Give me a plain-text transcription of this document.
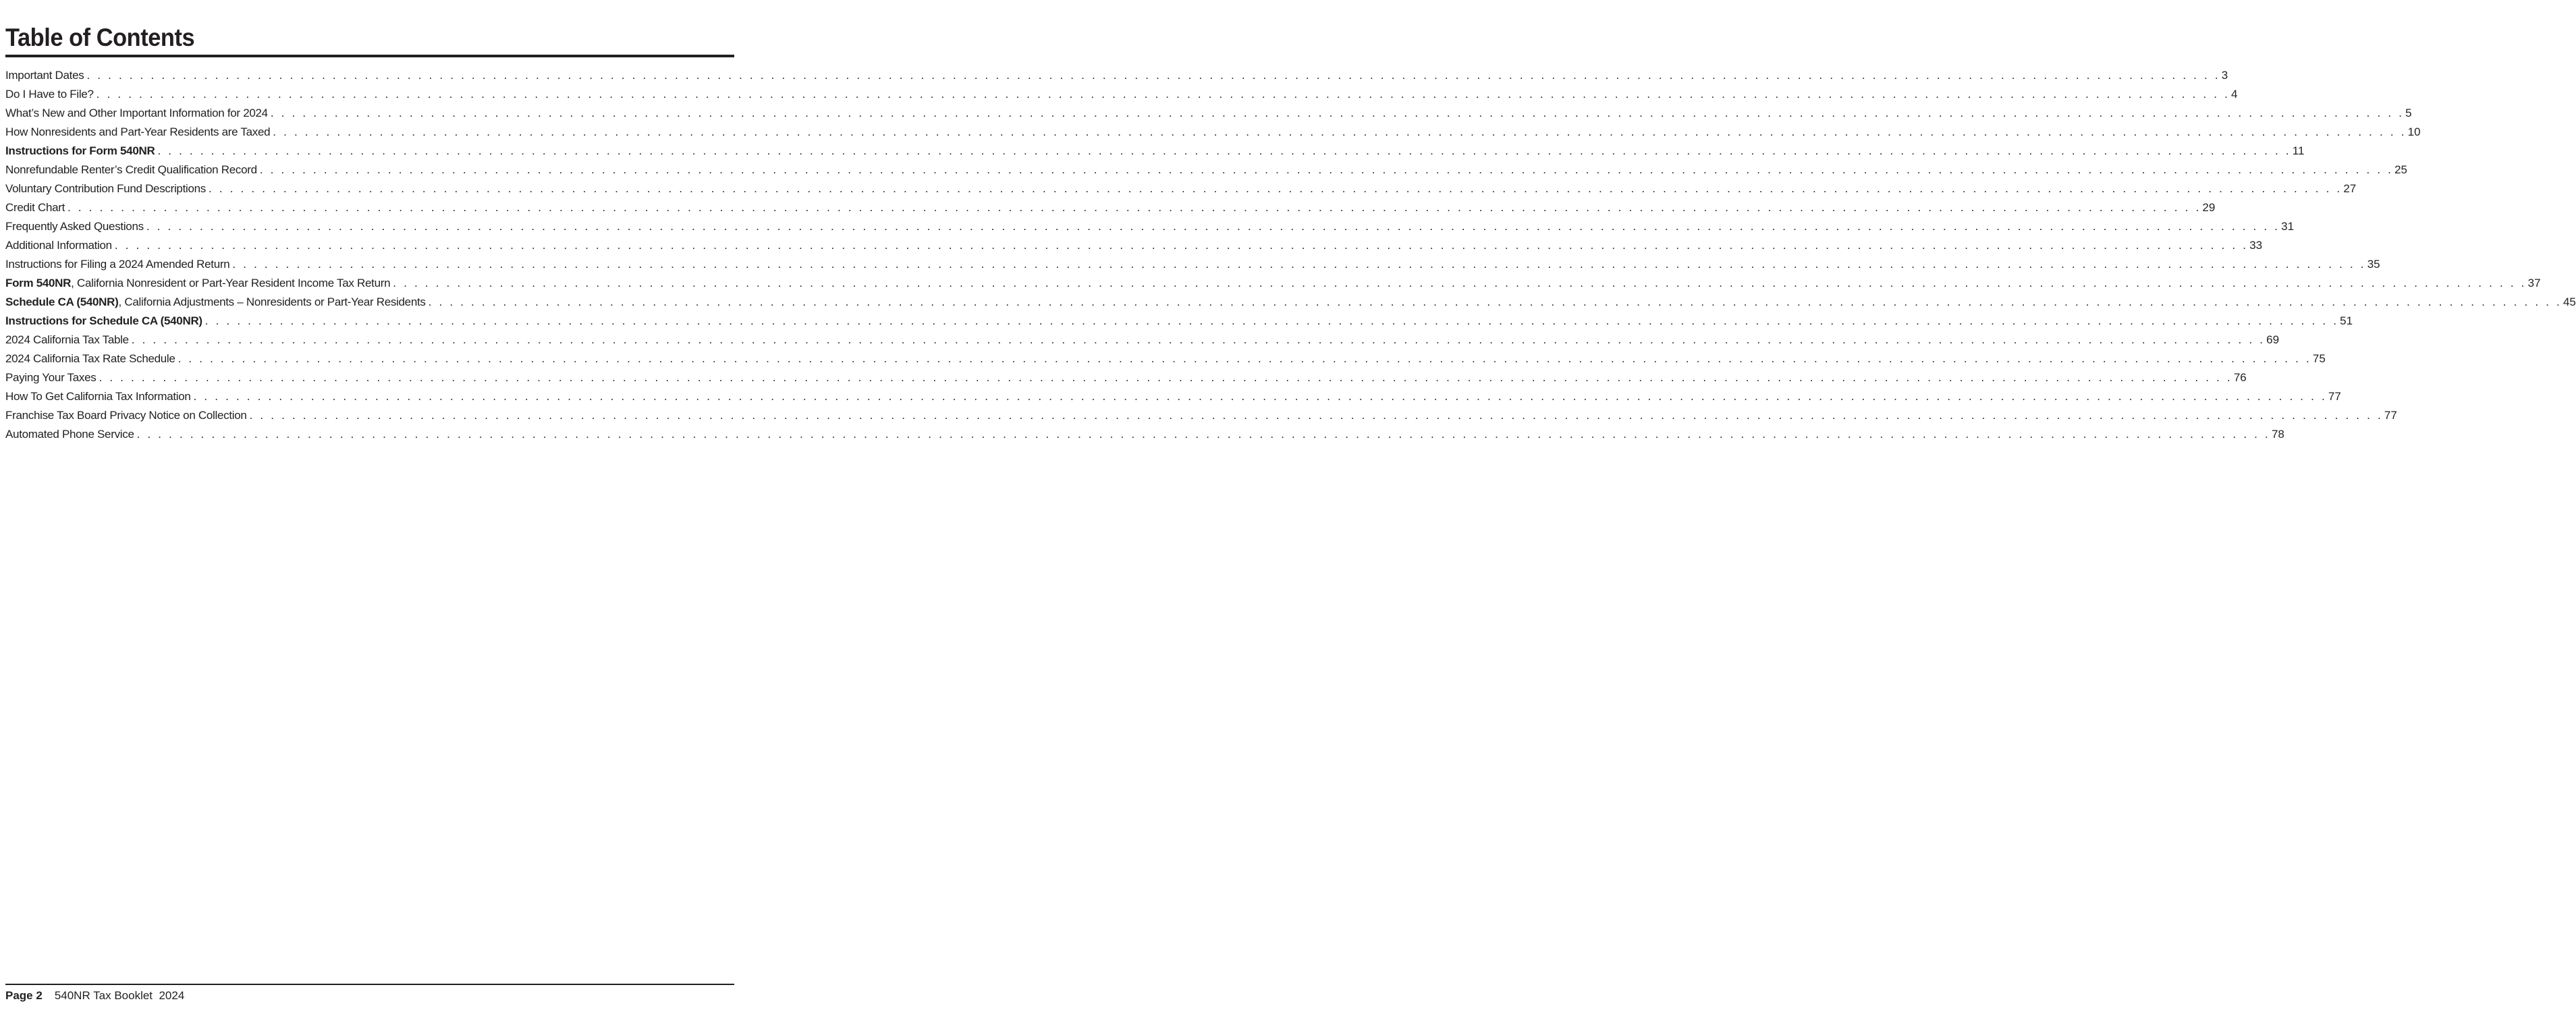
Table of Contents
Important Dates . . . . . . . . . . . . . . . . . . . . . . . . . . . . . . . . . . . . . . . . . . . . . . . . . . . . . . . . . . . . . . . . . . . . . . . . . . . . . . . . . . . . . . . . . . . . . . . . . . . . . . . . . . . . . . . . . . . . . . . . . . . . . . . . . . . . . . . . . . . . . . . . . . . . . . . . . . . . . . . . . . . . . . . . . . . . . . . . . . . . . . . . . . . . . . . . . . . . . . . . 3
Do I Have to File? . . . . . . . . . . . . . . . . . . . . . . . . . . . . . . . . . . . . . . . . . . . . . . . . . . . . . . . . . . . . . . . . . . . . . . . . . . . . . . . . . . . . . . . . . . . . . . . . . . . . . . . . . . . . . . . . . . . . . . . . . . . . . . . . . . . . . . . . . . . . . . . . . . . . . . . . . . . . . . . . . . . . . . . . . . . . . . . . . . . . . . . . . . . . . . . . . . . . . . . . 4
What’s New and Other Important Information for 2024 . . . . . . . . . . . . . . . . . . . . . . . . . . . . . . . . . . . . . . . . . . . . . . . . . . . . . . . . . . . . . . . . . . . . . . . . . . . . . . . . . . . . . . . . . . . . . . . . . . . . . . . . . . . . . . . . . . . . . . . . . . . . . . . . . . . . . . . . . . . . . . . . . . . . . . . . . . . . . . . . . . . . . . . . . . . . . . . . . . . . . . . . . . . . . . . . . . . . . . . . 5
How Nonresidents and Part-Year Residents are Taxed . . . . . . . . . . . . . . . . . . . . . . . . . . . . . . . . . . . . . . . . . . . . . . . . . . . . . . . . . . . . . . . . . . . . . . . . . . . . . . . . . . . . . . . . . . . . . . . . . . . . . . . . . . . . . . . . . . . . . . . . . . . . . . . . . . . . . . . . . . . . . . . . . . . . . . . . . . . . . . . . . . . . . . . . . . . . . . . . . . . . . . . . . . . . . . . . . . . . . . . . 10
Instructions for Form 540NR . . . . . . . . . . . . . . . . . . . . . . . . . . . . . . . . . . . . . . . . . . . . . . . . . . . . . . . . . . . . . . . . . . . . . . . . . . . . . . . . . . . . . . . . . . . . . . . . . . . . . . . . . . . . . . . . . . . . . . . . . . . . . . . . . . . . . . . . . . . . . . . . . . . . . . . . . . . . . . . . . . . . . . . . . . . . . . . . . . . . . . . . . . . . . . . . . . . . . . . . 11
Nonrefundable Renter’s Credit Qualification Record . . . . . . . . . . . . . . . . . . . . . . . . . . . . . . . . . . . . . . . . . . . . . . . . . . . . . . . . . . . . . . . . . . . . . . . . . . . . . . . . . . . . . . . . . . . . . . . . . . . . . . . . . . . . . . . . . . . . . . . . . . . . . . . . . . . . . . . . . . . . . . . . . . . . . . . . . . . . . . . . . . . . . . . . . . . . . . . . . . . . . . . . . . . . . . . . . . . . . . . . 25
Voluntary Contribution Fund Descriptions . . . . . . . . . . . . . . . . . . . . . . . . . . . . . . . . . . . . . . . . . . . . . . . . . . . . . . . . . . . . . . . . . . . . . . . . . . . . . . . . . . . . . . . . . . . . . . . . . . . . . . . . . . . . . . . . . . . . . . . . . . . . . . . . . . . . . . . . . . . . . . . . . . . . . . . . . . . . . . . . . . . . . . . . . . . . . . . . . . . . . . . . . . . . . . . . . . . . . . . . 27
Credit Chart . . . . . . . . . . . . . . . . . . . . . . . . . . . . . . . . . . . . . . . . . . . . . . . . . . . . . . . . . . . . . . . . . . . . . . . . . . . . . . . . . . . . . . . . . . . . . . . . . . . . . . . . . . . . . . . . . . . . . . . . . . . . . . . . . . . . . . . . . . . . . . . . . . . . . . . . . . . . . . . . . . . . . . . . . . . . . . . . . . . . . . . . . . . . . . . . . . . . . . . . 29
Frequently Asked Questions . . . . . . . . . . . . . . . . . . . . . . . . . . . . . . . . . . . . . . . . . . . . . . . . . . . . . . . . . . . . . . . . . . . . . . . . . . . . . . . . . . . . . . . . . . . . . . . . . . . . . . . . . . . . . . . . . . . . . . . . . . . . . . . . . . . . . . . . . . . . . . . . . . . . . . . . . . . . . . . . . . . . . . . . . . . . . . . . . . . . . . . . . . . . . . . . . . . . . . . . 31
Additional Information . . . . . . . . . . . . . . . . . . . . . . . . . . . . . . . . . . . . . . . . . . . . . . . . . . . . . . . . . . . . . . . . . . . . . . . . . . . . . . . . . . . . . . . . . . . . . . . . . . . . . . . . . . . . . . . . . . . . . . . . . . . . . . . . . . . . . . . . . . . . . . . . . . . . . . . . . . . . . . . . . . . . . . . . . . . . . . . . . . . . . . . . . . . . . . . . . . . . . . . . 33
Instructions for Filing a 2024 Amended Return . . . . . . . . . . . . . . . . . . . . . . . . . . . . . . . . . . . . . . . . . . . . . . . . . . . . . . . . . . . . . . . . . . . . . . . . . . . . . . . . . . . . . . . . . . . . . . . . . . . . . . . . . . . . . . . . . . . . . . . . . . . . . . . . . . . . . . . . . . . . . . . . . . . . . . . . . . . . . . . . . . . . . . . . . . . . . . . . . . . . . . . . . . . . . . . . . . . . . . . . 35
Form 540NR, California Nonresident or Part-Year Resident Income Tax Return . . . . . . . . . . . . . . . . . . . . . . . . . . . . . . . . . . . . . . . . . . . . . . . . . . . . . . . . . . . . . . . . . . . . . . . . . . . . . . . . . . . . . . . . . . . . . . . . . . . . . . . . . . . . . . . . . . . . . . . . . . . . . . . . . . . . . . . . . . . . . . . . . . . . . . . . . . . . . . . . . . . . . . . . . . . . . . . . . . . . . . . . . . . . . . . . . . . . . . . . 37
Schedule CA (540NR), California Adjustments – Nonresidents or Part-Year Residents . . . . . . . . . . . . . . . . . . . . . . . . . . . . . . . . . . . . . . . . . . . . . . . . . . . . . . . . . . . . . . . . . . . . . . . . . . . . . . . . . . . . . . . . . . . . . . . . . . . . . . . . . . . . . . . . . . . . . . . . . . . . . . . . . . . . . . . . . . . . . . . . . . . . . . . . . . . . . . . . . . . . . . . . . . . . . . . . . . . . . . . . . . . . . . . . . . . . . . . . 45
Instructions for Schedule CA (540NR) . . . . . . . . . . . . . . . . . . . . . . . . . . . . . . . . . . . . . . . . . . . . . . . . . . . . . . . . . . . . . . . . . . . . . . . . . . . . . . . . . . . . . . . . . . . . . . . . . . . . . . . . . . . . . . . . . . . . . . . . . . . . . . . . . . . . . . . . . . . . . . . . . . . . . . . . . . . . . . . . . . . . . . . . . . . . . . . . . . . . . . . . . . . . . . . . . . . . . . . . 51
2024 California Tax Table . . . . . . . . . . . . . . . . . . . . . . . . . . . . . . . . . . . . . . . . . . . . . . . . . . . . . . . . . . . . . . . . . . . . . . . . . . . . . . . . . . . . . . . . . . . . . . . . . . . . . . . . . . . . . . . . . . . . . . . . . . . . . . . . . . . . . . . . . . . . . . . . . . . . . . . . . . . . . . . . . . . . . . . . . . . . . . . . . . . . . . . . . . . . . . . . . . . . . . . . 69
2024 California Tax Rate Schedule . . . . . . . . . . . . . . . . . . . . . . . . . . . . . . . . . . . . . . . . . . . . . . . . . . . . . . . . . . . . . . . . . . . . . . . . . . . . . . . . . . . . . . . . . . . . . . . . . . . . . . . . . . . . . . . . . . . . . . . . . . . . . . . . . . . . . . . . . . . . . . . . . . . . . . . . . . . . . . . . . . . . . . . . . . . . . . . . . . . . . . . . . . . . . . . . . . . . . . . . 75
Paying Your Taxes . . . . . . . . . . . . . . . . . . . . . . . . . . . . . . . . . . . . . . . . . . . . . . . . . . . . . . . . . . . . . . . . . . . . . . . . . . . . . . . . . . . . . . . . . . . . . . . . . . . . . . . . . . . . . . . . . . . . . . . . . . . . . . . . . . . . . . . . . . . . . . . . . . . . . . . . . . . . . . . . . . . . . . . . . . . . . . . . . . . . . . . . . . . . . . . . . . . . . . . . 76
How To Get California Tax Information . . . . . . . . . . . . . . . . . . . . . . . . . . . . . . . . . . . . . . . . . . . . . . . . . . . . . . . . . . . . . . . . . . . . . . . . . . . . . . . . . . . . . . . . . . . . . . . . . . . . . . . . . . . . . . . . . . . . . . . . . . . . . . . . . . . . . . . . . . . . . . . . . . . . . . . . . . . . . . . . . . . . . . . . . . . . . . . . . . . . . . . . . . . . . . . . . . . . . . . . 77
Franchise Tax Board Privacy Notice on Collection . . . . . . . . . . . . . . . . . . . . . . . . . . . . . . . . . . . . . . . . . . . . . . . . . . . . . . . . . . . . . . . . . . . . . . . . . . . . . . . . . . . . . . . . . . . . . . . . . . . . . . . . . . . . . . . . . . . . . . . . . . . . . . . . . . . . . . . . . . . . . . . . . . . . . . . . . . . . . . . . . . . . . . . . . . . . . . . . . . . . . . . . . . . . . . . . . . . . . . . . 77
Automated Phone Service . . . . . . . . . . . . . . . . . . . . . . . . . . . . . . . . . . . . . . . . . . . . . . . . . . . . . . . . . . . . . . . . . . . . . . . . . . . . . . . . . . . . . . . . . . . . . . . . . . . . . . . . . . . . . . . . . . . . . . . . . . . . . . . . . . . . . . . . . . . . . . . . . . . . . . . . . . . . . . . . . . . . . . . . . . . . . . . . . . . . . . . . . . . . . . . . . . . . . . . . 78
Page 2 540NR Tax Booklet  2024
